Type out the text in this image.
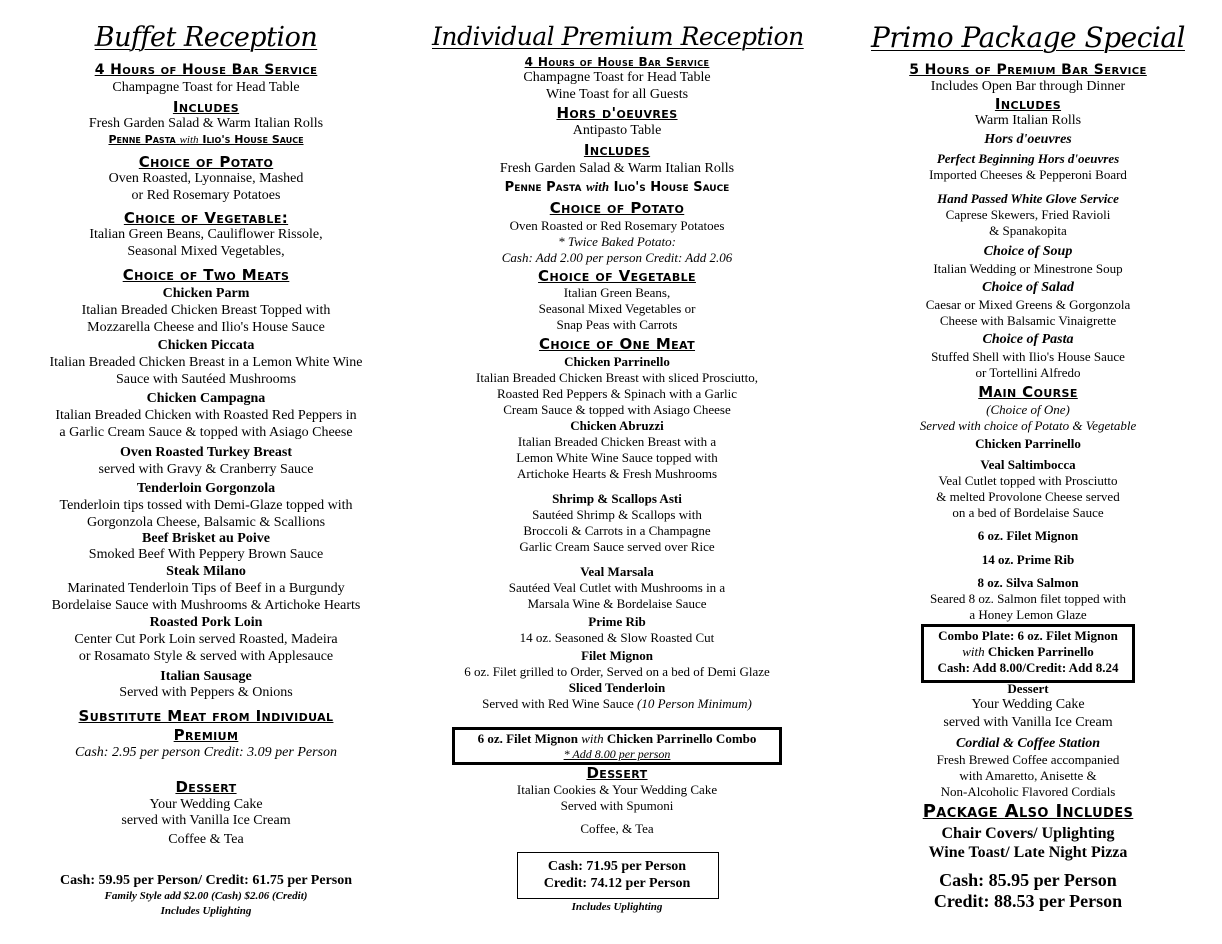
Buffet Reception
4 Hours of House Bar Service
Champagne Toast for Head Table
Includes
Fresh Garden Salad & Warm Italian Rolls
Penne Pasta with Ilio's House Sauce
Choice of Potato
Oven Roasted, Lyonnaise, Mashed
or Red Rosemary Potatoes
Choice of Vegetable:
Italian Green Beans, Cauliflower Rissole,
Seasonal Mixed Vegetables,
Choice of Two Meats
Chicken Parm
Italian Breaded Chicken Breast Topped with
Mozzarella Cheese and Ilio's House Sauce
Chicken Piccata
Italian Breaded Chicken Breast in a Lemon White Wine
Sauce with Sautéed Mushrooms
Chicken Campagna
Italian Breaded Chicken with Roasted Red Peppers in
a Garlic Cream Sauce & topped with Asiago Cheese
Oven Roasted Turkey Breast
served with Gravy & Cranberry Sauce
Tenderloin Gorgonzola
Tenderloin tips tossed with Demi-Glaze topped with
Gorgonzola Cheese, Balsamic & Scallions
Beef Brisket au Poive
Smoked Beef With Peppery Brown Sauce
Steak Milano
Marinated Tenderloin Tips of Beef in a Burgundy
Bordelaise Sauce with Mushrooms & Artichoke Hearts
Roasted Pork Loin
Center Cut Pork Loin served Roasted, Madeira
or Rosamato Style & served with Applesauce
Italian Sausage
Served with Peppers & Onions
Substitute Meat from Individual
Premium
Cash: 2.95 per person Credit: 3.09 per Person
Dessert
Your Wedding Cake
served with Vanilla Ice Cream
Coffee & Tea
Cash: 59.95 per Person/ Credit: 61.75 per Person
Family Style add $2.00 (Cash) $2.06 (Credit)
Includes Uplighting
Individual Premium Reception
4 Hours of House Bar Service
Champagne Toast for Head Table
Wine Toast for all Guests
Hors d'oeuvres
Antipasto Table
Includes
Fresh Garden Salad & Warm Italian Rolls
Penne Pasta with Ilio's House Sauce
Choice of Potato
Oven Roasted or Red Rosemary Potatoes
* Twice Baked Potato:
Cash: Add 2.00 per person Credit: Add 2.06
Choice of Vegetable
Italian Green Beans,
Seasonal Mixed Vegetables or
Snap Peas with Carrots
Choice of One Meat
Chicken Parrinello
Italian Breaded Chicken Breast with sliced Prosciutto,
Roasted Red Peppers & Spinach with a Garlic
Cream Sauce & topped with Asiago Cheese
Chicken Abruzzi
Italian Breaded Chicken Breast with a
Lemon White Wine Sauce topped with
Artichoke Hearts & Fresh Mushrooms
Shrimp & Scallops Asti
Sautéed Shrimp & Scallops with
Broccoli & Carrots in a Champagne
Garlic Cream Sauce served over Rice
Veal Marsala
Sautéed Veal Cutlet with Mushrooms in a
Marsala Wine & Bordelaise Sauce
Prime Rib
14 oz. Seasoned & Slow Roasted Cut
Filet Mignon
6 oz. Filet grilled to Order, Served on a bed of Demi Glaze
Sliced Tenderloin
Served with Red Wine Sauce (10 Person Minimum)
6 oz. Filet Mignon with Chicken Parrinello Combo
* Add 8.00 per person
Dessert
Italian Cookies & Your Wedding Cake
Served with Spumoni
Coffee, & Tea
Cash: 71.95 per Person
Credit: 74.12 per Person
Includes Uplighting
Primo Package Special
5 Hours of Premium Bar Service
Includes Open Bar through Dinner
Includes
Warm Italian Rolls
Hors d'oeuvres
Perfect Beginning Hors d'oeuvres
Imported Cheeses & Pepperoni Board
Hand Passed White Glove Service
Caprese Skewers, Fried Ravioli
& Spanakopita
Choice of Soup
Italian Wedding or Minestrone Soup
Choice of Salad
Caesar or Mixed Greens & Gorgonzola
Cheese with Balsamic Vinaigrette
Choice of Pasta
Stuffed Shell with Ilio's House Sauce
or Tortellini Alfredo
Main Course
(Choice of One)
Served with choice of Potato & Vegetable
Chicken Parrinello
Veal Saltimbocca
Veal Cutlet topped with Prosciutto
& melted Provolone Cheese served
on a bed of Bordelaise Sauce
6 oz. Filet Mignon
14 oz. Prime Rib
8 oz. Silva Salmon
Seared 8 oz. Salmon filet topped with
a Honey Lemon Glaze
Combo Plate: 6 oz. Filet Mignon
with Chicken Parrinello
Cash: Add 8.00/Credit: Add 8.24
Dessert
Your Wedding Cake
served with Vanilla Ice Cream
Cordial & Coffee Station
Fresh Brewed Coffee accompanied
with Amaretto, Anisette &
Non-Alcoholic Flavored Cordials
Package Also Includes
Chair Covers/ Uplighting
Wine Toast/ Late Night Pizza
Cash: 85.95 per Person
Credit: 88.53 per Person
